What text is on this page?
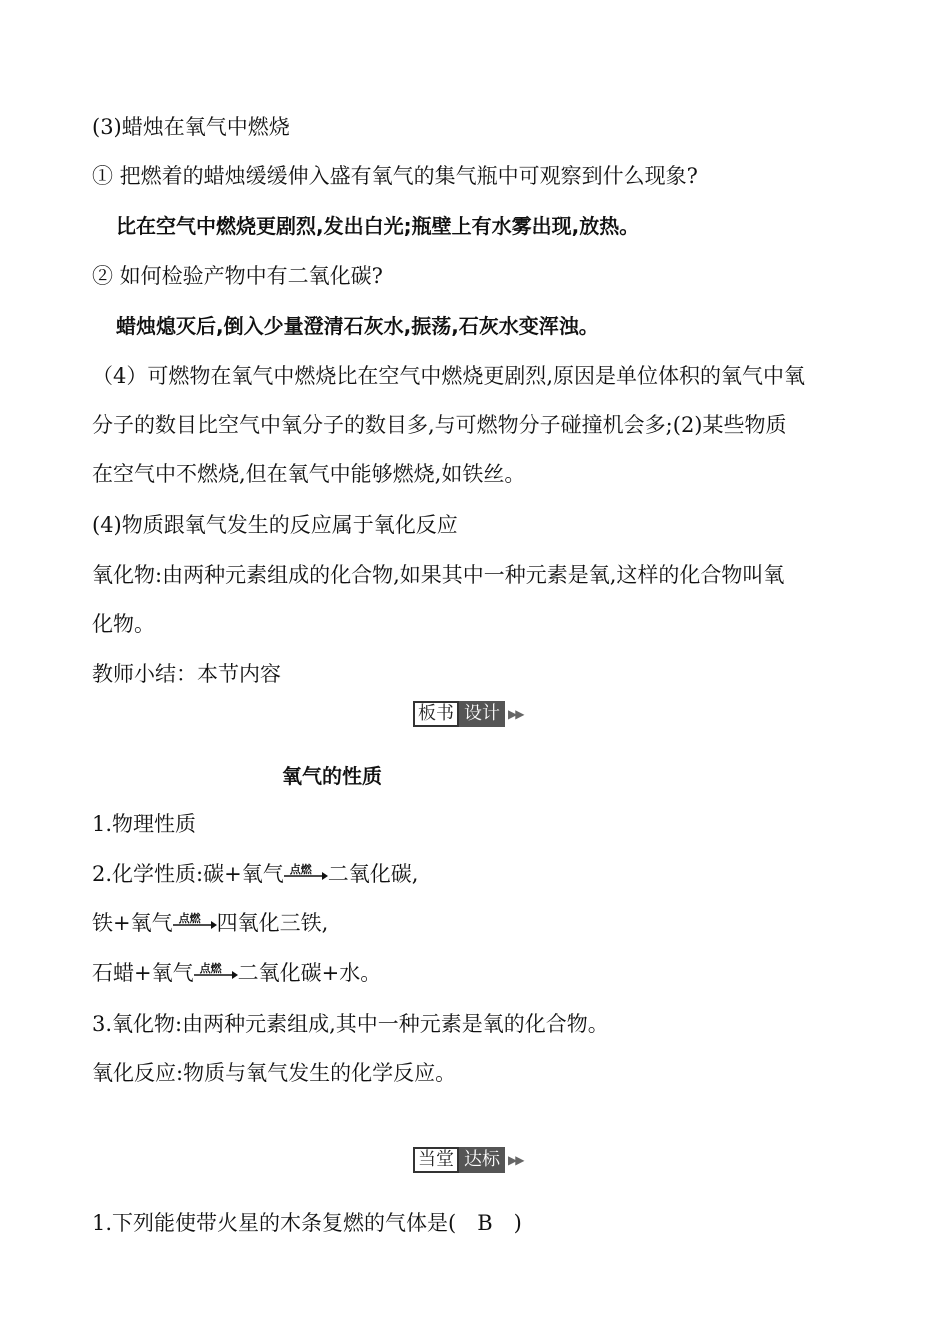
(3)蜡烛在氧气中燃烧
① 把燃着的蜡烛缓缓伸入盛有氧气的集气瓶中可观察到什么现象?
比在空气中燃烧更剧烈,发出白光;瓶壁上有水雾出现,放热。
② 如何检验产物中有二氧化碳?
蜡烛熄灭后,倒入少量澄清石灰水,振荡,石灰水变浑浊。
（4）可燃物在氧气中燃烧比在空气中燃烧更剧烈,原因是单位体积的氧气中氧
分子的数目比空气中氧分子的数目多,与可燃物分子碰撞机会多;(2)某些物质
在空气中不燃烧,但在氧气中能够燃烧,如铁丝。
(4)物质跟氧气发生的反应属于氧化反应
氧化物:由两种元素组成的化合物,如果其中一种元素是氧,这样的化合物叫氧
化物。
教师小结：本节内容
板书 设计 ▶▶
氧气的性质
1.物理性质
2.化学性质:碳+氧气 点燃 二氧化碳,
铁+氧气 点燃 四氧化三铁,
石蜡+氧气 点燃 二氧化碳+水。
3.氧化物:由两种元素组成,其中一种元素是氧的化合物。
氧化反应:物质与氧气发生的化学反应。
当堂 达标 ▶▶
1.下列能使带火星的木条复燃的气体是(　B　)
